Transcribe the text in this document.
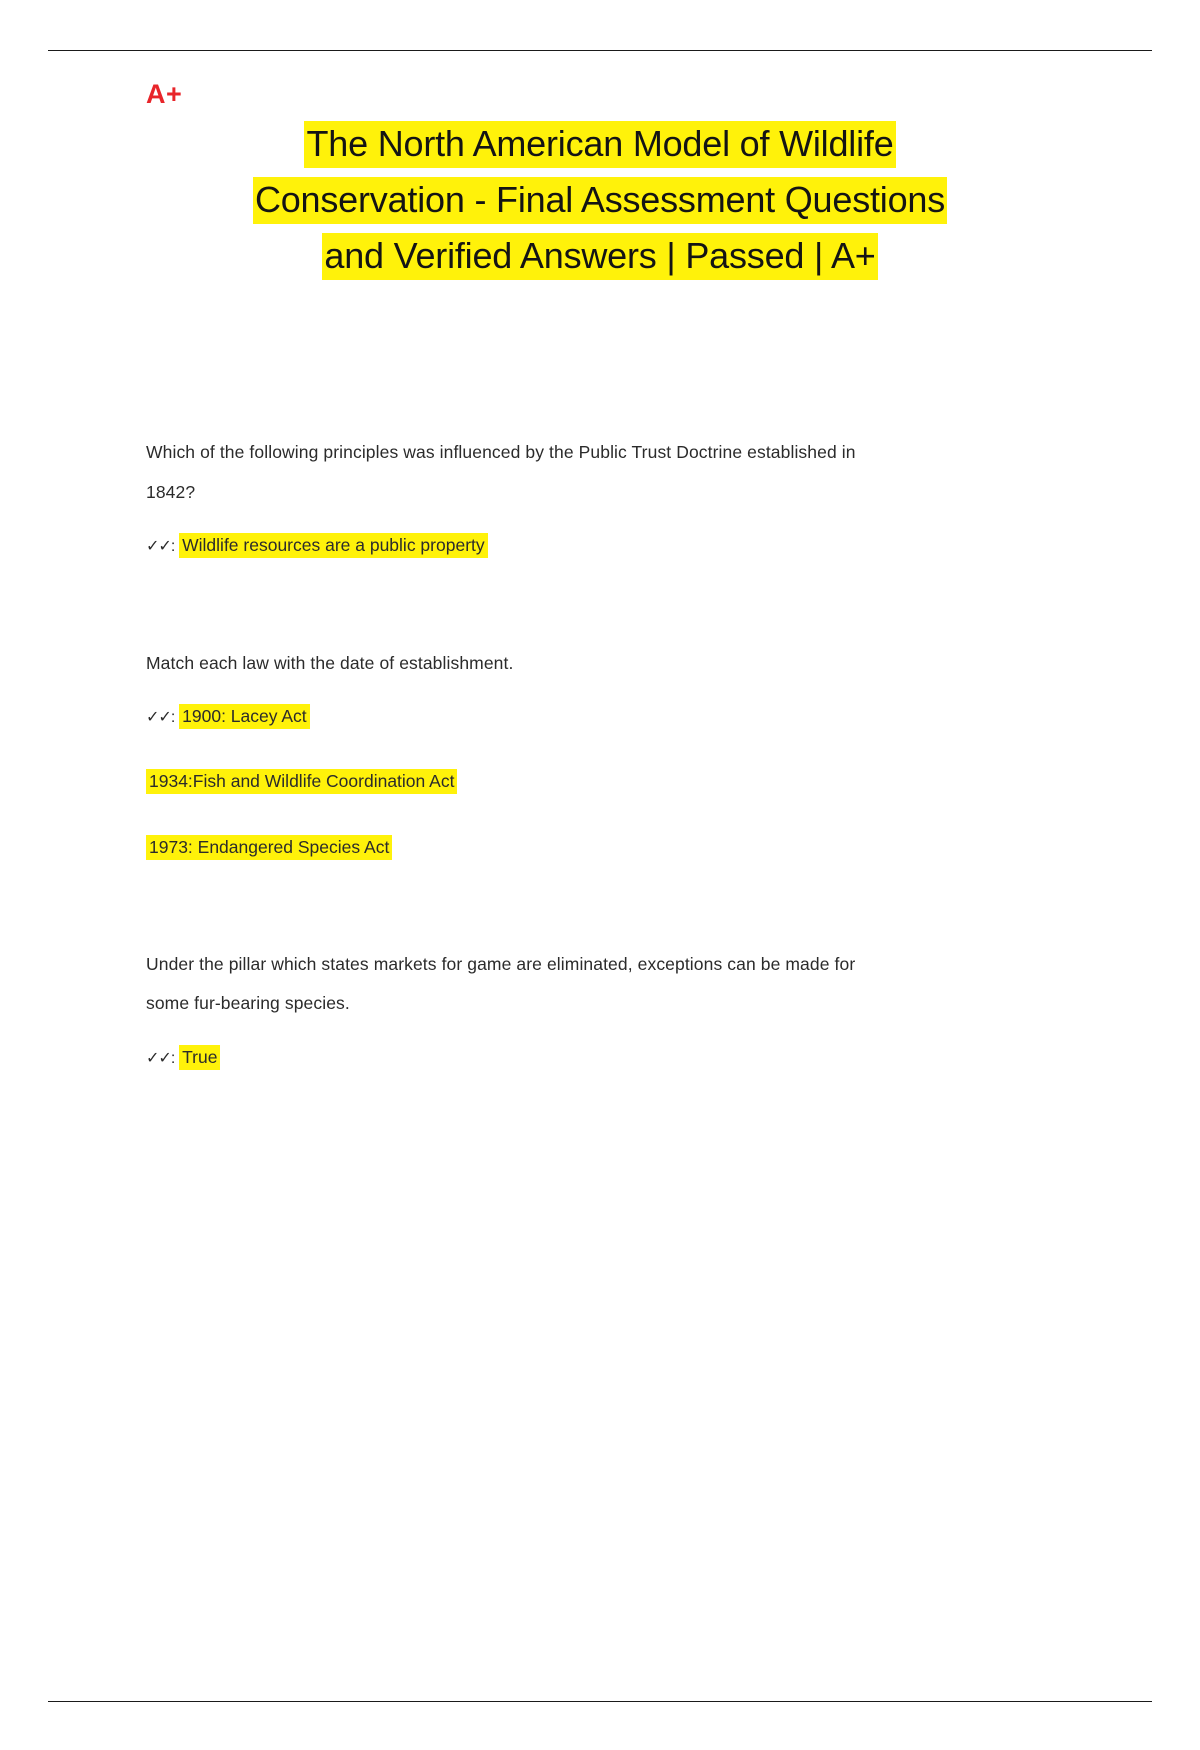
A+
The North American Model of Wildlife
Conservation - Final Assessment Questions
and Verified Answers | Passed | A+

Which of the following principles was influenced by the Public Trust Doctrine established in
1842?

✓✓: Wildlife resources are a public property

Match each law with the date of establishment.

✓✓: 1900: Lacey Act

1934:Fish and Wildlife Coordination Act

1973: Endangered Species Act

Under the pillar which states markets for game are eliminated, exceptions can be made for
some fur-bearing species.

✓✓: True
